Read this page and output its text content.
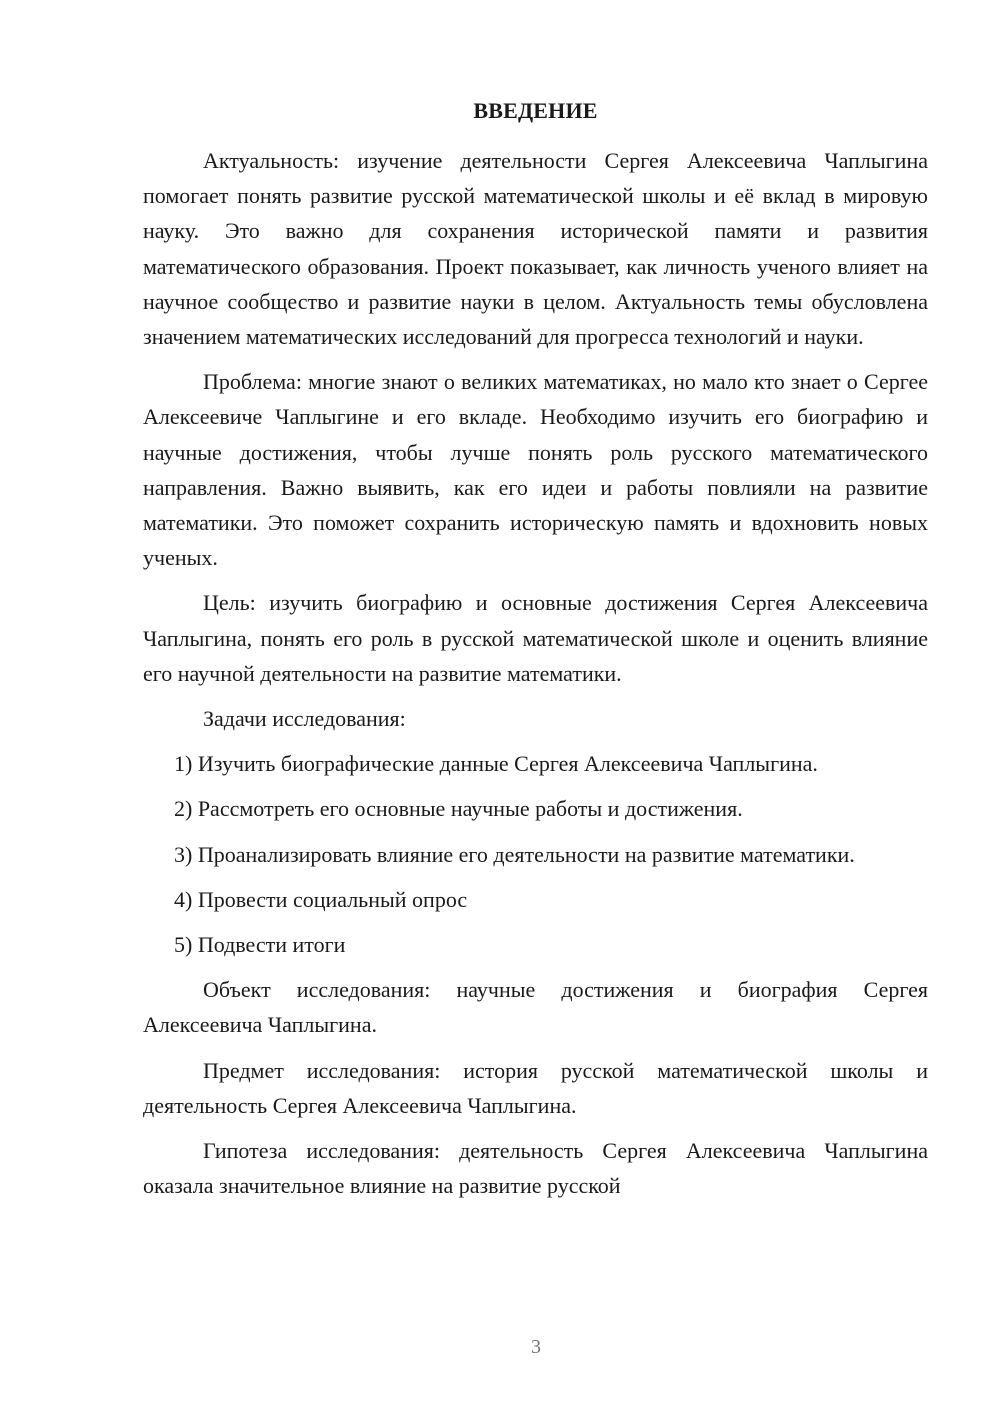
ВВЕДЕНИЕ

Актуальность: изучение деятельности Сергея Алексеевича Чаплыгина помогает понять развитие русской математической школы и её вклад в мировую науку. Это важно для сохранения исторической памяти и развития математического образования. Проект показывает, как личность ученого влияет на научное сообщество и развитие науки в целом. Актуальность темы обусловлена значением математических исследований для прогресса технологий и науки.

Проблема: многие знают о великих математиках, но мало кто знает о Сергее Алексеевиче Чаплыгине и его вкладе. Необходимо изучить его биографию и научные достижения, чтобы лучше понять роль русского математического направления. Важно выявить, как его идеи и работы повлияли на развитие математики. Это поможет сохранить историческую память и вдохновить новых ученых.

Цель: изучить биографию и основные достижения Сергея Алексеевича Чаплыгина, понять его роль в русской математической школе и оценить влияние его научной деятельности на развитие математики.

Задачи исследования:

1) Изучить биографические данные Сергея Алексеевича Чаплыгина.

2) Рассмотреть его основные научные работы и достижения.

3) Проанализировать влияние его деятельности на развитие математики.

4) Провести социальный опрос

5) Подвести итоги

Объект исследования: научные достижения и биография Сергея Алексеевича Чаплыгина.

Предмет исследования: история русской математической школы и деятельность Сергея Алексеевича Чаплыгина.

Гипотеза исследования: деятельность Сергея Алексеевича Чаплыгина оказала значительное влияние на развитие русской

3
